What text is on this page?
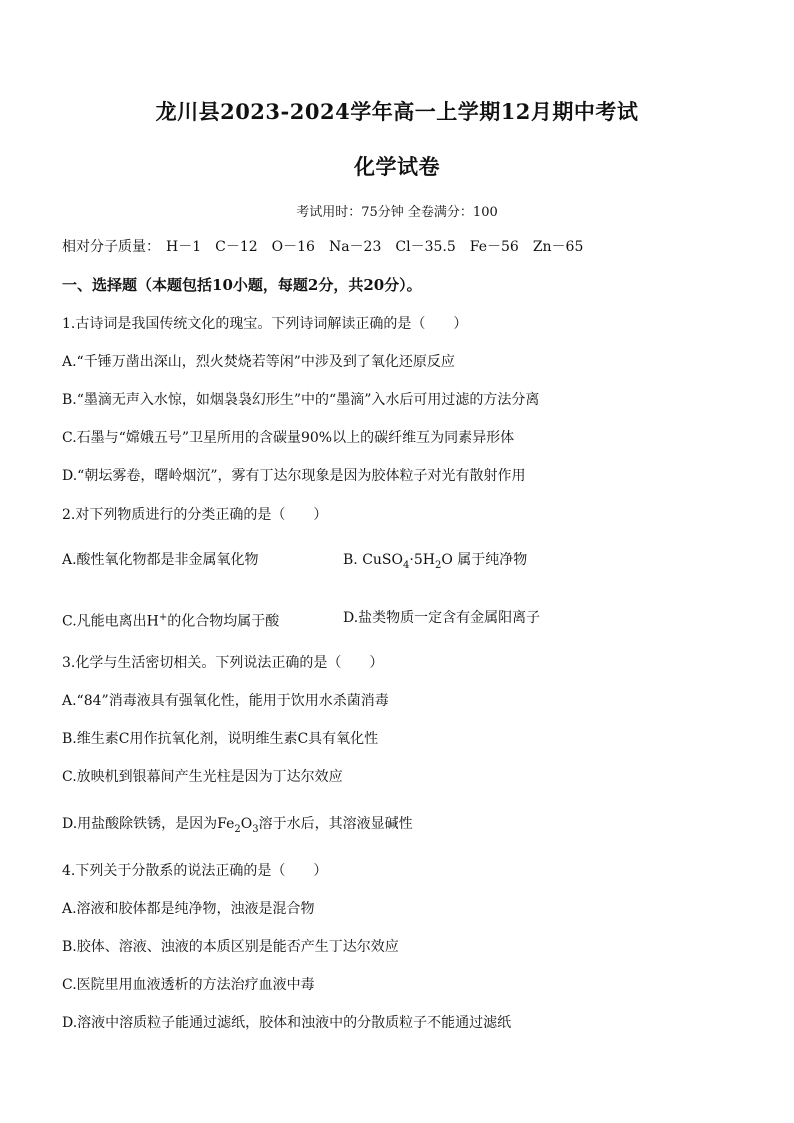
龙川县2023-2024学年高一上学期12月期中考试
化学试卷
考试用时：75分钟 全卷满分：100
相对分子质量： H－1 C－12 O－16 Na－23 Cl－35.5 Fe－56 Zn－65
一、选择题（本题包括10小题，每题2分，共20分）。
1.古诗词是我国传统文化的瑰宝。下列诗词解读正确的是（　　）
A.“千锤万凿出深山，烈火焚烧若等闲”中涉及到了氧化还原反应
B.“墨滴无声入水惊，如烟袅袅幻形生”中的“墨滴”入水后可用过滤的方法分离
C.石墨与“嫦娥五号”卫星所用的含碳量90%以上的碳纤维互为同素异形体
D.“朝坛雾卷，曙岭烟沉”，雾有丁达尔现象是因为胶体粒子对光有散射作用
2.对下列物质进行的分类正确的是（　　）
A.酸性氧化物都是非金属氧化物	B. $CuSO_4\cdot 5H_2O$ 属于纯净物
C.凡能电离出H+的化合物均属于酸	D.盐类物质一定含有金属阳离子
3.化学与生活密切相关。下列说法正确的是（　　）
A.“84”消毒液具有强氧化性，能用于饮用水杀菌消毒
B.维生素C用作抗氧化剂，说明维生素C具有氧化性
C.放映机到银幕间产生光柱是因为丁达尔效应
D.用盐酸除铁锈，是因为$Fe_2O_3$溶于水后，其溶液显碱性
4.下列关于分散系的说法正确的是（　　）
A.溶液和胶体都是纯净物，浊液是混合物
B.胶体、溶液、浊液的本质区别是能否产生丁达尔效应
C.医院里用血液透析的方法治疗血液中毒
D.溶液中溶质粒子能通过滤纸，胶体和浊液中的分散质粒子不能通过滤纸
